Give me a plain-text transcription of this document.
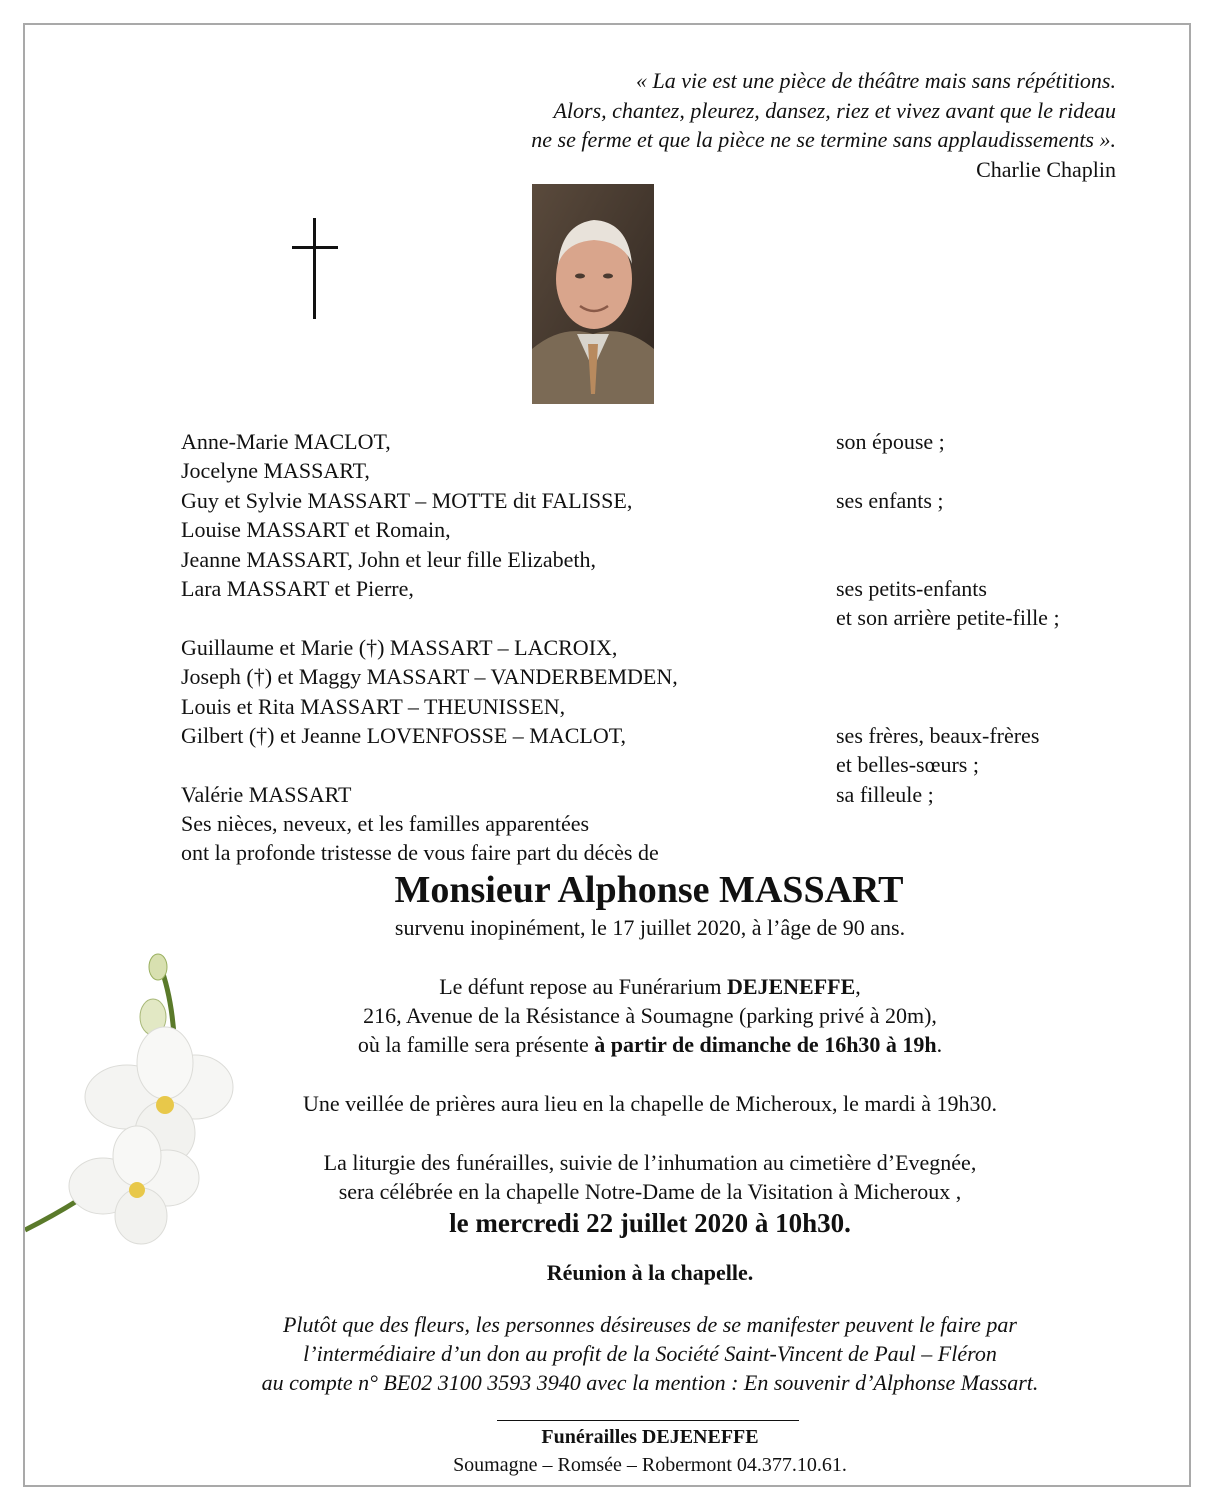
« La vie est une pièce de théâtre mais sans répétitions.
Alors, chantez, pleurez, dansez, riez et vivez avant que le rideau
ne se ferme et que la pièce ne se termine sans applaudissements ».
Charlie Chaplin
Anne-Marie MACLOT,	son épouse ;
Jocelyne MASSART,
Guy et Sylvie MASSART – MOTTE dit FALISSE,	ses enfants ;
Louise MASSART et Romain,
Jeanne MASSART, John et leur fille Elizabeth,
Lara MASSART et Pierre,	ses petits-enfants
et son arrière petite-fille ;
Guillaume et Marie (†) MASSART – LACROIX,
Joseph (†) et Maggy MASSART – VANDERBEMDEN,
Louis et Rita MASSART – THEUNISSEN,
Gilbert (†) et Jeanne LOVENFOSSE – MACLOT,	ses frères, beaux-frères
et belles-sœurs ;
Valérie MASSART	sa filleule ;
Ses nièces, neveux, et les familles apparentées
ont la profonde tristesse de vous faire part du décès de
Monsieur Alphonse MASSART
survenu inopinément, le 17 juillet 2020, à l’âge de 90 ans.
Le défunt repose au Funérarium DEJENEFFE,
216, Avenue de la Résistance à Soumagne (parking privé à 20m),
où la famille sera présente à partir de dimanche de 16h30 à 19h.
Une veillée de prières aura lieu en la chapelle de Micheroux, le mardi à 19h30.
La liturgie des funérailles, suivie de l’inhumation au cimetière d’Evegnée,
sera célébrée en la chapelle Notre-Dame de la Visitation à Micheroux ,
le mercredi 22 juillet 2020 à 10h30.
Réunion à la chapelle.
Plutôt que des fleurs, les personnes désireuses de se manifester peuvent le faire par
l’intermédiaire d’un don au profit de la Société Saint-Vincent de Paul – Fléron
au compte n° BE02 3100 3593 3940 avec la mention : En souvenir d’Alphonse Massart.
Funérailles DEJENEFFE
Soumagne – Romsée – Robermont 04.377.10.61.
